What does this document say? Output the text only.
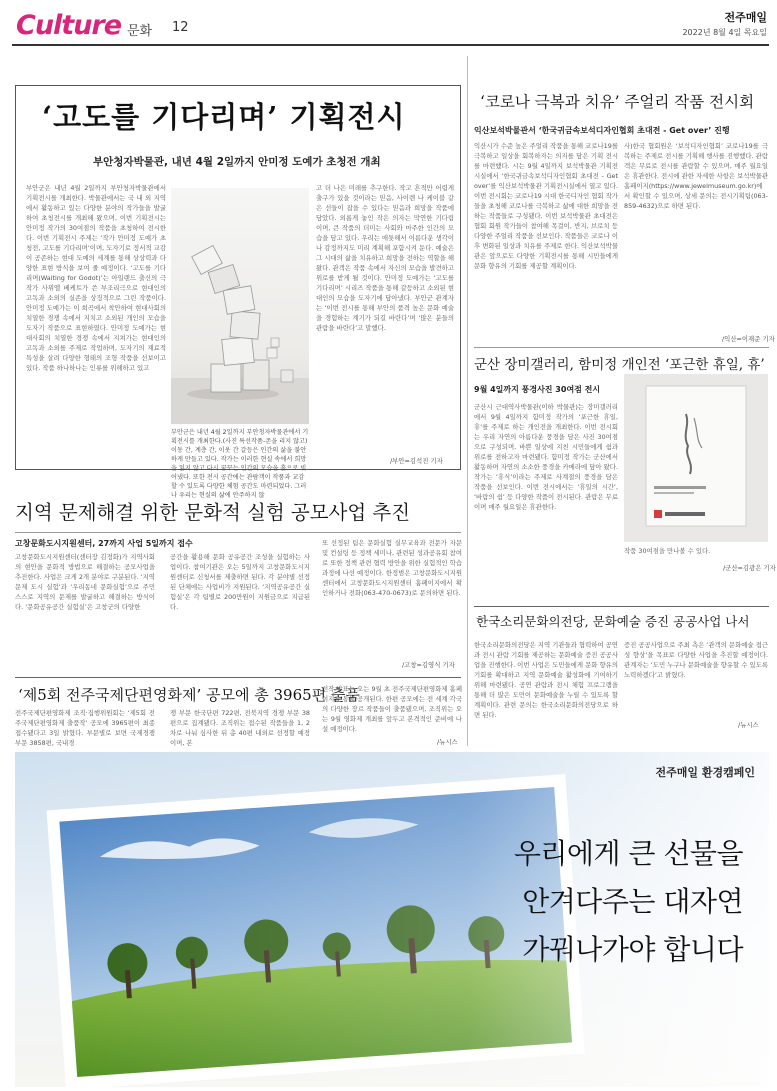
Culture 문화 12
전주매일
2022년 8월 4일 목요일
‘고도를 기다리며’ 기획전시
부안청자박물관, 내년 4월 2일까지 안미정 도예가 초청전 개최
부안군은 내년 4월 2일까지 부안청자박물관에서 기획전시를 개최한다. 박물관에서는 국 내 외 지역에서 활동하고 있는 다양한 분야의 작가들을 발굴하여 초청전시를 개최해 왔으며, 이번 기획전시는 안미정 작가의 30여점의 작품을 초청하여 전시한다. 이번 기획전시 주제는 ‘작가 안미정 도예가 초청전, 고도를 기다리며’이며, 도자기로 정서적 교감이 공존하는 현대 도예의 세계를 통해 상상력과 다양한 표현 방식을 보여 줄 예정이다. ‘고도를 기다리며(Waiting for Godot)’는 아일랜드 출신의 극작가 사뮈엘 베케트가 쓴 부조리극으로 현대인의 고독과 소외의 실존을 상징적으로 그린 작품이다. 안미정 도예가는 이 희곡에서 착안하여 현대사회의 치열한 경쟁 속에서 지치고 소외된 개인의 모습을 도자기 작품으로 표현하였다. 안미정 도예가는 현대사회의 치열한 경쟁 속에서 지쳐가는 현대인의 고독과 소외를 주제로 작업하며, 도자기의 재료적 특성을 살려 다양한 형태의 조형 작품을 선보이고 있다. 작품 하나하나는 인류를 위해하고 있고
부안군은 내년 4월 2일까지 부안청자박물관에서 기획전시를 개최한다.(사진 특선작품-존을 리지 않고) 이동 간, 계층 간, 이웃 간 갈등은 인간의 삶을 불안하게 만들고 있다. 작가는 이러한 현실 속에서 희망을 잃지 않고 다시 꿈꾸는 인간의 모습을 흙으로 빚어냈다. 또한 전시 공간에는 관람객이 작품과 교감할 수 있도록 다양한 체험 공간도 마련되었다. 그러나 우리는 현실의 삶에 안주하지 않
고 더 나은 미래를 추구한다. 작고 흔적만 어렵게 출구가 있을 것이라는 믿음, 사이렌 나 케이블 같은 선들이 잡을 수 있다는 믿음과 희망을 작품에 담았다. 외롭게 놓인 작은 의자는 막연한 기다림 이며, 큰 작품의 더미는 사회와 마주한 인간의 모습을 담고 있다. 우리는 애틋해서 이름다운 생각이나 감정까지도 미리 계획해 포함시켜 둔다. 예술은 그 시대의 삶을 치유하고 희망을 전하는 역할을 해 왔다. 관객은 작품 속에서 자신의 모습을 발견하고 위로를 받게 될 것이다. 안미정 도예가는 ‘고도를 기다리며’ 시리즈 작품을 통해 갈등하고 소외된 현대인의 모습을 도자기에 담아냈다. 부안군 관계자는 ‘이번 전시를 통해 부안의 품격 높은 문화 예술을 경험하는 계기가 되길 바란다’며 ‘많은 분들의 관람을 바란다’고 말했다.
/부안=김석진 기자
지역 문제해결 위한 문화적 실험 공모사업 추진
고창문화도시지원센터, 27까지 사업 5일까지 접수
고창문화도시지원센터(센터장 김정화)가 지역사회의 현안을 문화적 방법으로 해결하는 공모사업을 추진한다. 사업은 크게 2개 분야로 구분된다. ‘지역문제 도시 실험’과 ‘우리동네 문화실험’으로 주민 스스로 지역의 문제를 발굴하고 해결하는 방식이다. ‘문화공유공간 실험실’은 고창군의 다양한
공간을 활용해 문화 공유공간 조성을 실험하는 사업이다. 참여기관은 오는 5일까지 고창문화도시지원센터로 신청서를 제출하면 된다. 각 분야별 선정된 단체에는 사업비가 지원된다. ‘지역공유공간 실험실’은 각 팀별로 200만원이 지원금으로 지급된다.
또 선정된 팀은 문화실험 실무교육과 전문가 자문 및 컨설팅 등 정책 세미나, 관련된 성과공유회 참여로 또한 정책 관련 협력 방안을 위한 실험적인 학습과정에 나선 예정이다. 한정범은 고창문화도시지원센터에서 고창문화도시지원센터 홈페이지에서 확인하거나 전화(063-470-0673)로 문의하면 된다.
/고창=김영식 기자
‘제5회 전주국제단편영화제’ 공모에 총 3965편 출품
전주국제단편영화제 조직·집행위원회는 ‘제5회 전주국제단편영화제 출품작’ 공모에 3965편이 최종 접수됐다고 3일 밝혔다. 부문별로 보면 국제경쟁 부문 3858편, 국내경
쟁 부문 한국단편 722편, 전북지역 경쟁 부문 38편으로 집계됐다. 조직위는 접수된 작품들을 1, 2차로 나눠 심사한 뒤 총 40편 내외로 선정할 예정이며, 본
선작 발표는 오는 9월 초 전주국제단편영화제 홈페이지를 통해 공개된다. 한편 공모에는 전 세계 각국의 다양한 장르 작품들이 출품됐으며, 조직위는 오는 9월 영화제 개최를 앞두고 본격적인 준비에 나설 예정이다.
/뉴시스
‘코로나 극복과 치유’ 주얼리 작품 전시회
익산보석박물관서 ‘한국귀금속보석디자인협회 초대전 - Get over’ 진행
익산시가 수준 높은 주얼리 작품을 통해 코로나19를 극복하고 일상을 회복하자는 의지를 담은 기획 전시를 마련했다. 시는 9월 4일까지 보석박물관 기획전시실에서 ‘한국귀금속보석디자인협회 초대전 - Get over’를 익산보석박물관 기획전시실에서 열고 있다. 이번 전시회는 코로나19 시대 한국디자인 협회 작가들을 초청해 코로나를 극복하고 삶에 대한 희망을 전하는 작품들로 구성됐다. 이번 보석박물관 초대전은 협회 회원 작가들이 참여해 목걸이, 반지, 브로치 등 다양한 주얼리 작품을 선보인다. 작품들은 코로나 이후 변화된 일상과 치유를 주제로 한다. 익산보석박물관은 앞으로도 다양한 기획전시를 통해 시민들에게 문화 향유의 기회를 제공할 계획이다.
사)한국 협회원은 ‘보석디자인협회’ 코로나19를 극복하는 주제로 전시를 기획해 행사를 진행했다. 관람객은 무료로 전시를 관람할 수 있으며, 매주 월요일은 휴관한다. 전시에 관한 자세한 사항은 보석박물관 홈페이지(https://www.jewelmuseum.go.kr)에서 확인할 수 있으며, 상세 문의는 전시기획팀(063-859-4632)으로 하면 된다.
/익산=이재준 기자
군산 장미갤러리, 함미정 개인전 ‘포근한 휴일, 휴’
9월 4일까지 풍경사진 30여점 전시
군산시 근대역사박물관(이하 박물관)는 장미갤러리에서 9월 4일까지 함미정 작가의 ‘포근한 휴일, 휴’를 주제로 하는 개인전을 개최한다. 이번 전시회는 우리 자연의 아름다운 풍경을 담은 사진 30여점으로 구성되며, 바쁜 일상에 지친 시민들에게 쉼과 위로를 전하고자 마련됐다. 함미정 작가는 군산에서 활동하며 자연의 소소한 풍경을 카메라에 담아 왔다. 작가는 ‘휴식’이라는 주제로 사계절의 풍경을 담은 작품을 선보인다. 이번 전시에서는 ‘휴일의 시간’, ‘바람의 쉼’ 등 다양한 작품이 전시된다. 관람은 무료이며 매주 월요일은 휴관한다.
작품 30여점을 만나볼 수 있다.
/군산=김광은 기자
한국소리문화의전당, 문화예술 증진 공공사업 나서
한국소리문화의전당은 지역 기관들과 협력하여 공연과 전시 관람 기회를 제공하는 문화예술 증진 공공사업을 진행한다. 이번 사업은 도민들에게 문화 향유의 기회를 확대하고 지역 문화예술 활성화에 기여하기 위해 마련됐다. 공연 관람과 전시 체험 프로그램을 통해 더 많은 도민이 문화예술을 누릴 수 있도록 할 계획이다. 관련 문의는 한국소리문화의전당으로 하면 된다.
증진 공공사업으로 주최 측은 ‘관객의 문화예술 접근성 향상’을 목표로 다양한 사업을 추진할 예정이다. 관계자는 ‘도민 누구나 문화예술을 향유할 수 있도록 노력하겠다’고 밝혔다.
/뉴시스
전주매일 환경캠페인
우리에게 큰 선물을
안겨다주는 대자연
가꿔나가야 합니다
